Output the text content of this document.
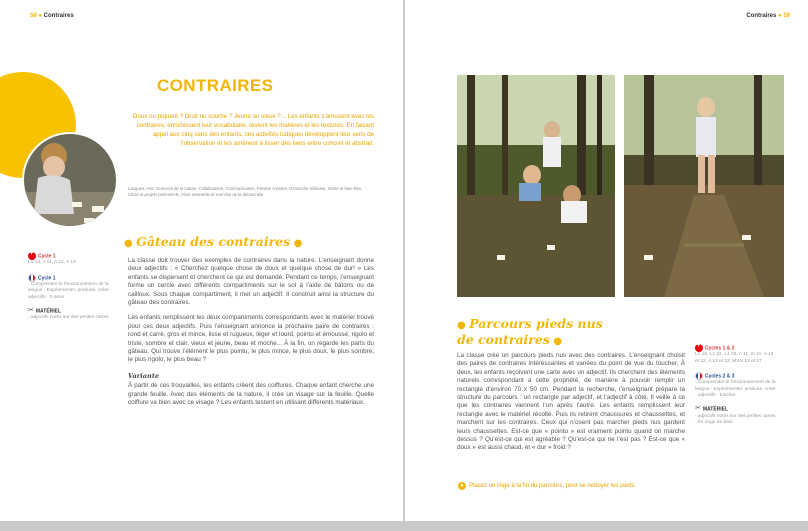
58 ● Contraires
CONTRAIRES
Doux ou piquant ? Droit ou courbe ? Jeune ou vieux ?... Les enfants s’amusent avec les contraires, enrichissent leur vocabulaire, testent les matières et les textures. En faisant appel aux cinq sens des enfants, ces activités ludiques développent leur sens de l’observation et les amènent à tisser des liens entre concret et abstrait.
Langues, Arts, Sciences de la nature, Collaboration, Communication, Pensée créative, Démarche réflexive, Santé et bien-être, Choix et projets personnels, Vivre ensemble et exercice de la démocratie
● Gâteau des contraires ●
+Cycle 1
L1 13, A 11, A 12, A 13
Cycle 1
- Comprendre le fonctionnement de la langue - Expérimenter, produire, créer - adjectifs - 5 sens
✂ MATÉRIEL
- adjectifs notés sur des petites cartes

La classe doit trouver des exemples de contraires dans la nature. L’enseignant donne deux adjectifs : « Cherchez quelque chose de doux et quelque chose de dur! » Les enfants se dispersent et cherchent ce qui est demandé. Pendant ce temps, l’enseignant forme un cercle avec différents compartiments sur le sol à l’aide de bâtons ou de cailloux. Sous chaque compartiment, il met un adjectif. Il construit ainsi la structure du gâteau des contraires.

Les enfants remplissent les deux compartiments correspondants avec le matériel trouvé pour ces deux adjectifs. Puis l’enseignant annonce la prochaine paire de contraires : rond et carré, gros et mince, lisse et rugueux, léger et lourd, pointu et émoussé, rigolo et triste, sombre et clair, vieux et jeune, beau et moche... À la fin, on regarde les parts du gâteau. Qui trouve l’élément le plus pointu, le plus mince, le plus doux, le plus sombre, le plus rigolo, le plus beau ?

Variante

À partir de ces trouvailles, les enfants créent des coiffures. Chaque enfant cherche une grande feuille. Avec des éléments de la nature, il crée un visage sur la feuille. Quelle coiffure va bien avec ce visage ? Les enfants testent en utilisant différents matériaux.

Contraires ● 59
● Parcours pieds nus
de contraires ●

La classe crée un parcours pieds nus avec des contraires. L’enseignant choisit des paires de contraires intéressantes et variées du point de vue du toucher. À deux, les enfants reçoivent une carte avec un adjectif. Ils cherchent des éléments naturels correspondant à cette propriété, de manière à pouvoir remplir un rectangle d’environ 70 x 50 cm. Pendant la recherche, l’enseignant prépare la structure du parcours : un rectangle par adjectif, et l’adjectif à côté. Il veille à ce que les contraires viennent l’un après l’autre. Les enfants remplissent leur rectangle avec le matériel récolté. Puis ils retirent chaussures et chaussettes, et marchent sur les contraires. Ceux qui n’osent pas marcher pieds nus gardent leurs chaussettes. Est-ce que « pointu » est vraiment pointu quand on marche dessus ? Qu’est-ce qui est agréable ? Qu’est-ce qui ne l’est pas ? Est-ce que « doux » est aussi chaud, et « dur » froid ?

♦ Placez un linge à la fin du parcours, pour se nettoyer les pieds.
+Cycles 1 & 2
L1 16, L1 22, L1 26, A 11, et 21, A 12 et 22, A 13 et 23, MSN 13 et 27
Cycles 2 & 3
- Comprendre le fonctionnement de la langue - Expérimenter, produire, créer - adjectifs - toucher
✂ MATÉRIEL
- adjectifs notés sur des petites cartes - év. linge de bain
